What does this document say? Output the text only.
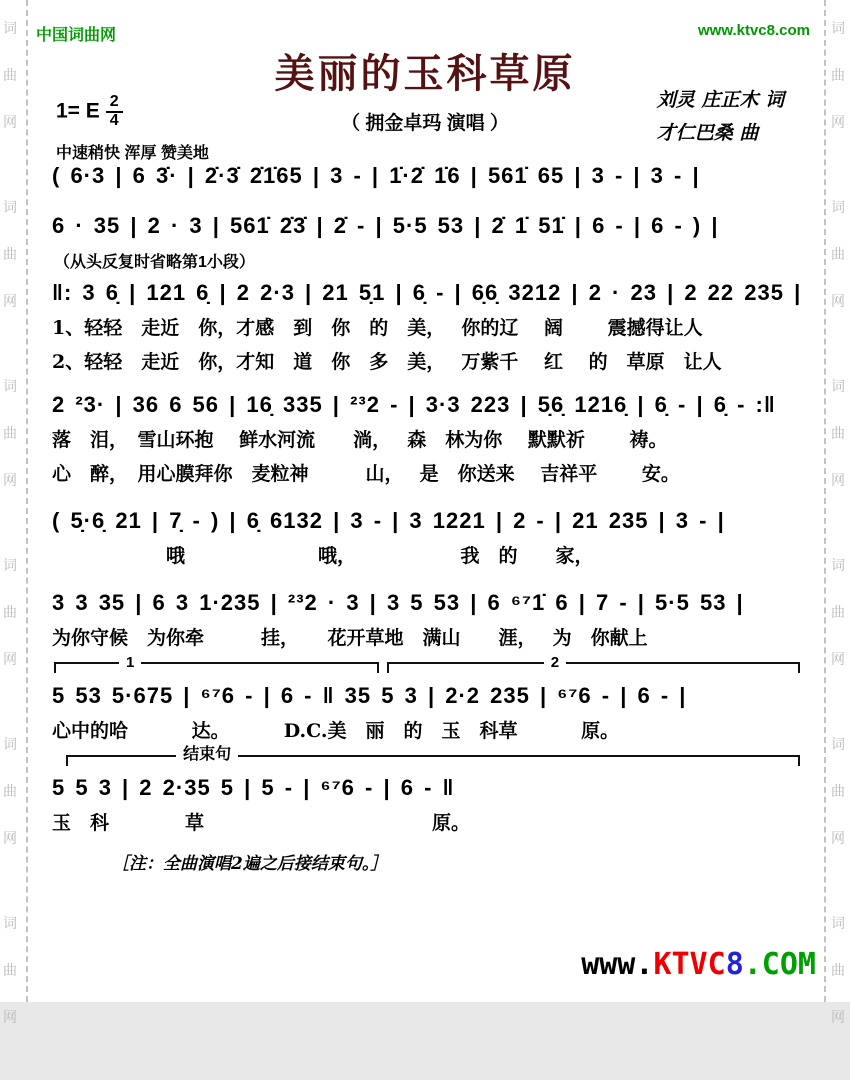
词
曲
网
词
曲
网
词
曲
网
词
曲
网
词
曲
网
词
曲
网
词
曲
网
词
曲
网
词
曲
网
词
曲
网
词
曲
网
词
曲
网
中国词曲网	www.ktvc8.com
美丽的玉科草原
（ 拥金卓玛 演唱 ）
刘灵 庄正木 词
才仁巴桑 曲
1= E $\frac{2}{4}$
中速稍快 浑厚 赞美地
( 6·3 | 6 3̇· | 2̇·3̇ 2̇1̇65 | 3 - | 1̇·2̇ 1̇6 | 561̇ 65 | 3 - | 3 - |
6 · 35 | 2 · 3 | 561̇ 2̇3̇ | 2̇ - | 5·5 53 | 2̇ 1̇ 51̇ | 6 - | 6 - ) |
（从头反复时省略第1小段）
‖: 3 6̣ | 121 6̣ | 2 2·3 | 21 5̣1 | 6̣ - | 6̣6̣ 3212 | 2 · 23 | 2 22 235 |
1、轻轻　走近　你，才感　到　你　的　美，　 你的辽　 阔　　 震撼得让人
2、轻轻　走近　你，才知　道　你　多　美，　 万紫千　 红　 的　草原　让人
2 ²3· | 36 6 56 | 16̣ 335 | ²³2 - | 3·3 223 | 5̣6̣ 1216̣ | 6̣ - | 6̣ - :‖
落　泪，　雪山环抱　 鲜水河流　　淌，　 森　林为你　 默默祈　　 祷。
心　醉，　用心膜拜你　麦粒神　　　山，　 是　你送来　 吉祥平　　 安。
( 5̣·6̣ 21 | 7̣ - ) | 6̣ 6132 | 3 - | 3 1221 | 2 - | 21 235 | 3 - |
　　　　　　哦　　　　　　　哦，　　　　　　我　的　　家，
3 3 35 | 6 3 1·235 | ²³2 · 3 | 3 5 53 | 6 ⁶⁷1̇ 6 | 7 - | 5·5 53 |
为你守候　为你牵　　　挂，　　花开草地　满山　　涯，　 为　你献上
1	2
5 53 5·675 | ⁶⁷6 - | 6 - ‖ 35 5 3 | 2·2 235 | ⁶⁷6 - | 6 - |
心中的哈　　　 达。　　　 D.C.美　丽　的　玉　科草　　　 原。
结束句
5 5 3 | 2 2·35 5 | 5 - | ⁶⁷6 - | 6 - ‖
玉　科　　　　草　　　　　　　　　　　　原。
［注：全曲演唱2遍之后接结束句。］
www.KTVC8.COM
